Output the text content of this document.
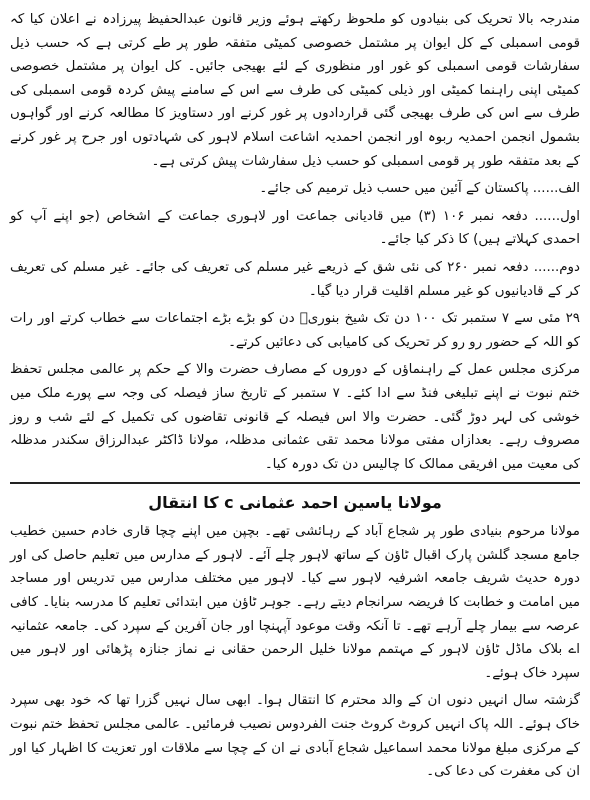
مندرجہ بالا تحریک کی بنیادوں کو ملحوظ رکھتے ہوئے وزیر قانون عبدالحفیظ پیرزادہ نے اعلان کیا کہ قومی اسمبلی کے کل ایوان پر مشتمل خصوصی کمیٹی متفقہ طور پر طے کرتی ہے کہ حسب ذیل سفارشات قومی اسمبلی کو غور اور منظوری کے لئے بھیجی جائیں۔ کل ایوان پر مشتمل خصوصی کمیٹی اپنی راہنما کمیٹی اور ذیلی کمیٹی کی طرف سے اس کے سامنے پیش کردہ قومی اسمبلی کی طرف سے اس کی طرف بھیجی گئی قراردادوں پر غور کرنے اور دستاویز کا مطالعہ کرنے اور گواہوں بشمول انجمن احمدیہ ربوہ اور انجمن احمدیہ اشاعت اسلام لاہور کی شہادتوں اور جرح پر غور کرنے کے بعد متفقہ طور پر قومی اسمبلی کو حسب ذیل سفارشات پیش کرتی ہے۔

الف...... پاکستان کے آئین میں حسب ذیل ترمیم کی جائے۔

اول...... دفعہ نمبر ۱۰۶ (۳) میں قادیانی جماعت اور لاہوری جماعت کے اشخاص (جو اپنے آپ کو احمدی کہلاتے ہیں) کا ذکر کیا جائے۔

دوم...... دفعہ نمبر ۲۶۰ کی نئی شق کے ذریعے غیر مسلم کی تعریف کی جائے۔ غیر مسلم کی تعریف کر کے قادیانیوں کو غیر مسلم اقلیت قرار دیا گیا۔

۲۹ مئی سے ۷ ستمبر تک ۱۰۰ دن تک شیخ بنوریؒ دن کو بڑے بڑے اجتماعات سے خطاب کرتے اور رات کو اللہ کے حضور رو رو کر تحریک کی کامیابی کی دعائیں کرتے۔

مرکزی مجلس عمل کے راہنماؤں کے دوروں کے مصارف حضرت والا کے حکم پر عالمی مجلس تحفظ ختم نبوت نے اپنے تبلیغی فنڈ سے ادا کئے۔ ۷ ستمبر کے تاریخ ساز فیصلہ کی وجہ سے پورے ملک میں خوشی کی لہر دوڑ گئی۔ حضرت والا اس فیصلہ کے قانونی تقاضوں کی تکمیل کے لئے شب و روز مصروف رہے۔ بعدازاں مفتی مولانا محمد تقی عثمانی مدظلہ، مولانا ڈاکٹر عبدالرزاق سکندر مدظلہ کی معیت میں افریقی ممالک کا چالیس دن تک دورہ کیا۔

مولانا یاسین احمد عثمانی c کا انتقال

مولانا مرحوم بنیادی طور پر شجاع آباد کے رہائشی تھے۔ بچپن میں اپنے چچا قاری خادم حسین خطیب جامع مسجد گلشن پارک اقبال ٹاؤن کے ساتھ لاہور چلے آئے۔ لاہور کے مدارس میں تعلیم حاصل کی اور دورہ حدیث شریف جامعہ اشرفیہ لاہور سے کیا۔ لاہور میں مختلف مدارس میں تدریس اور مساجد میں امامت و خطابت کا فریضہ سرانجام دیتے رہے۔ جوہر ٹاؤن میں ابتدائی تعلیم کا مدرسہ بنایا۔ کافی عرصہ سے بیمار چلے آرہے تھے۔ تا آنکہ وقت موعود آپہنچا اور جان آفرین کے سپرد کی۔ جامعہ عثمانیہ اے بلاک ماڈل ٹاؤن لاہور کے مہتمم مولانا خلیل الرحمن حقانی نے نماز جنازہ پڑھائی اور لاہور میں سپرد خاک ہوئے۔

گزشتہ سال انہیں دنوں ان کے والد محترم کا انتقال ہوا۔ ابھی سال نہیں گزرا تھا کہ خود بھی سپرد خاک ہوئے۔ اللہ پاک انہیں کروٹ کروٹ جنت الفردوس نصیب فرمائیں۔ عالمی مجلس تحفظ ختم نبوت کے مرکزی مبلغ مولانا محمد اسماعیل شجاع آبادی نے ان کے چچا سے ملاقات اور تعزیت کا اظہار کیا اور ان کی مغفرت کی دعا کی۔
